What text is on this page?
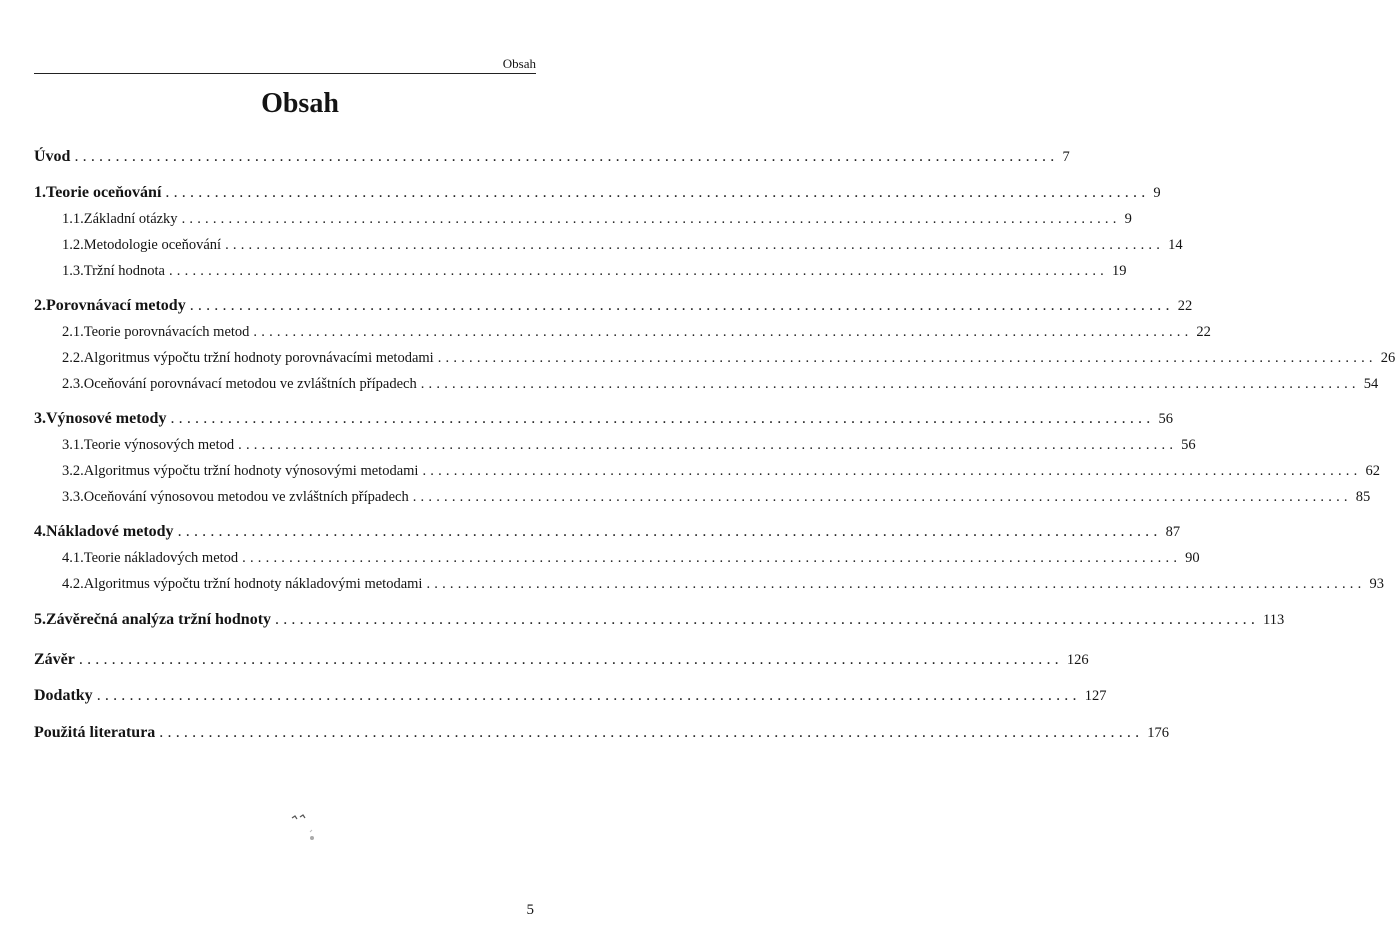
Obsah
Obsah
Úvod ........................................................................................................................ 7
1. Teorie oceňování ........................................................................................................................ 9
1.1. Základní otázky ........................................................................................................................ 9
1.2. Metodologie oceňování ........................................................................................................................ 14
1.3. Tržní hodnota ........................................................................................................................ 19
2. Porovnávací metody ........................................................................................................................ 22
2.1. Teorie porovnávacích metod ........................................................................................................................ 22
2.2. Algoritmus výpočtu tržní hodnoty porovnávacími metodami ........................................................................................................................ 26
2.3. Oceňování porovnávací metodou ve zvláštních případech ........................................................................................................................ 54
3. Výnosové metody ........................................................................................................................ 56
3.1. Teorie výnosových metod ........................................................................................................................ 56
3.2. Algoritmus výpočtu tržní hodnoty výnosovými metodami ........................................................................................................................ 62
3.3. Oceňování výnosovou metodou ve zvláštních případech ........................................................................................................................ 85
4. Nákladové metody ........................................................................................................................ 87
4.1. Teorie nákladových metod ........................................................................................................................ 90
4.2. Algoritmus výpočtu tržní hodnoty nákladovými metodami ........................................................................................................................ 93
5. Závěrečná analýza tržní hodnoty ........................................................................................................................ 113
Závěr ........................................................................................................................ 126
Dodatky ........................................................................................................................ 127
Použitá literatura ........................................................................................................................ 176
5
